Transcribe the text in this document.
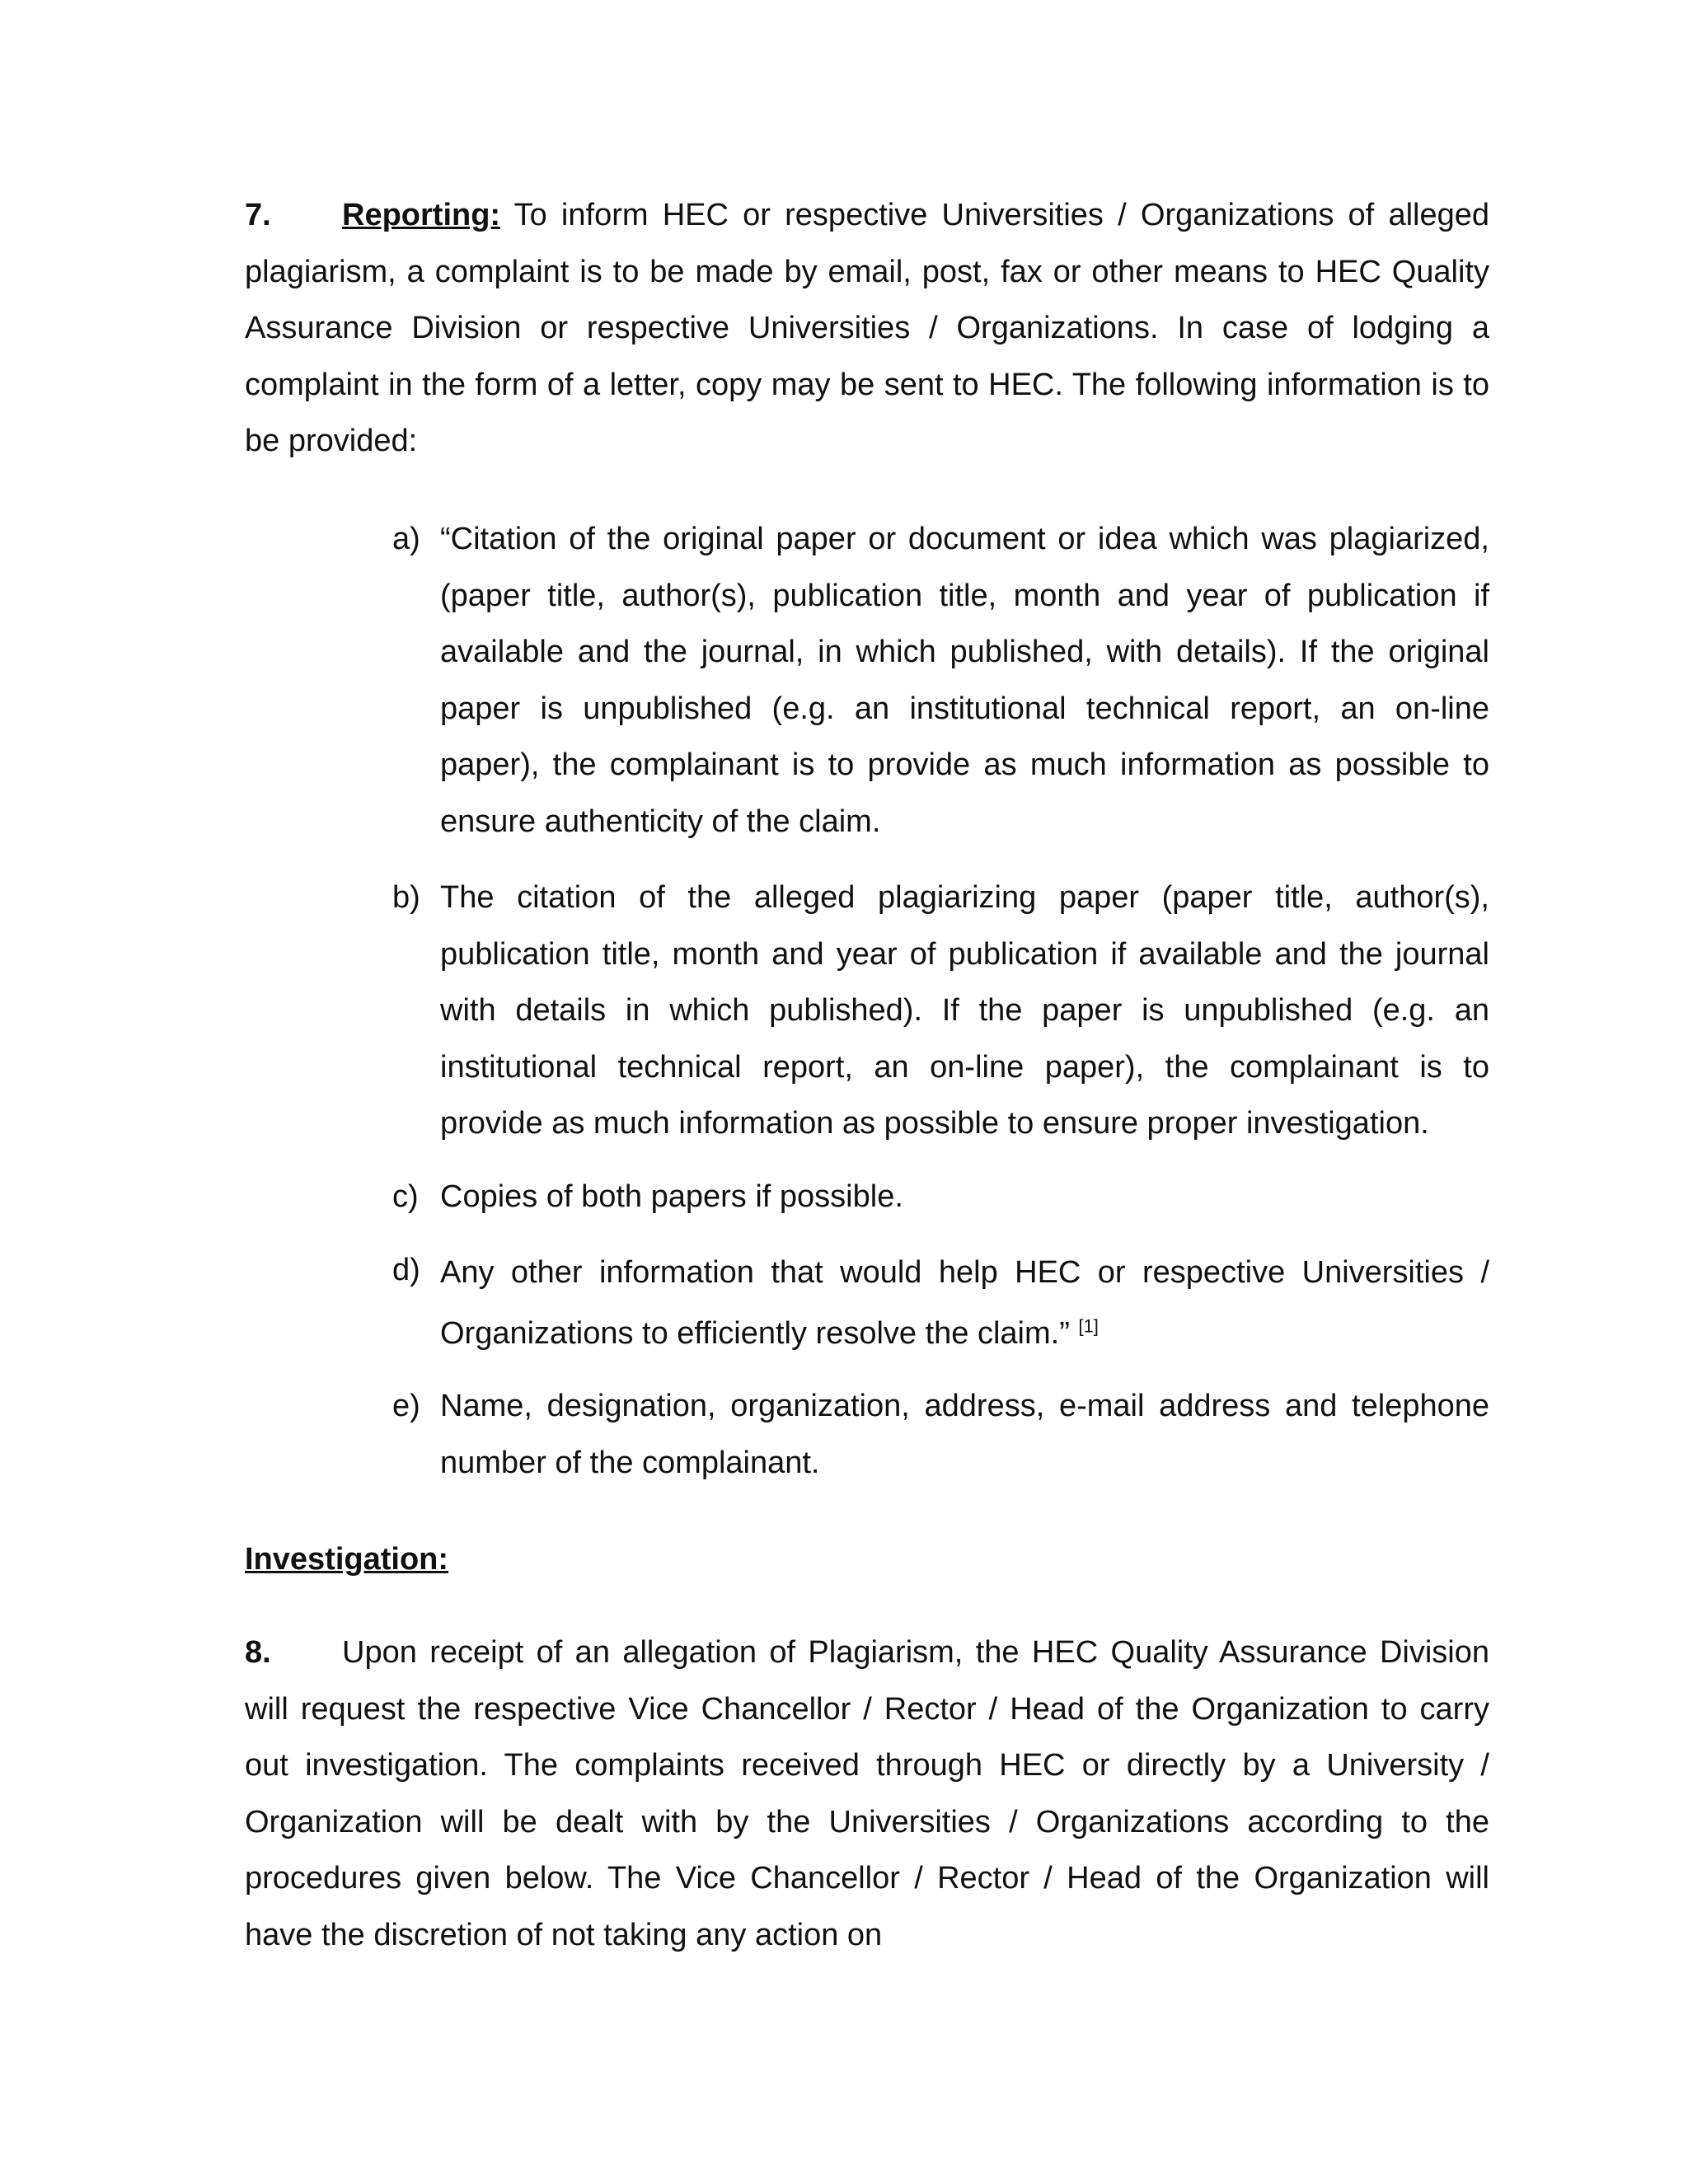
7. Reporting: To inform HEC or respective Universities / Organizations of alleged plagiarism, a complaint is to be made by email, post, fax or other means to HEC Quality Assurance Division or respective Universities / Organizations. In case of lodging a complaint in the form of a letter, copy may be sent to HEC. The following information is to be provided:
a) “Citation of the original paper or document or idea which was plagiarized, (paper title, author(s), publication title, month and year of publication if available and the journal, in which published, with details). If the original paper is unpublished (e.g. an institutional technical report, an on-line paper), the complainant is to provide as much information as possible to ensure authenticity of the claim.
b) The citation of the alleged plagiarizing paper (paper title, author(s), publication title, month and year of publication if available and the journal with details in which published). If the paper is unpublished (e.g. an institutional technical report, an on-line paper), the complainant is to provide as much information as possible to ensure proper investigation.
c) Copies of both papers if possible.
d) Any other information that would help HEC or respective Universities / Organizations to efficiently resolve the claim.” [1]
e) Name, designation, organization, address, e-mail address and telephone number of the complainant.
Investigation:
8. Upon receipt of an allegation of Plagiarism, the HEC Quality Assurance Division will request the respective Vice Chancellor / Rector / Head of the Organization to carry out investigation. The complaints received through HEC or directly by a University / Organization will be dealt with by the Universities / Organizations according to the procedures given below. The Vice Chancellor / Rector / Head of the Organization will have the discretion of not taking any action on
